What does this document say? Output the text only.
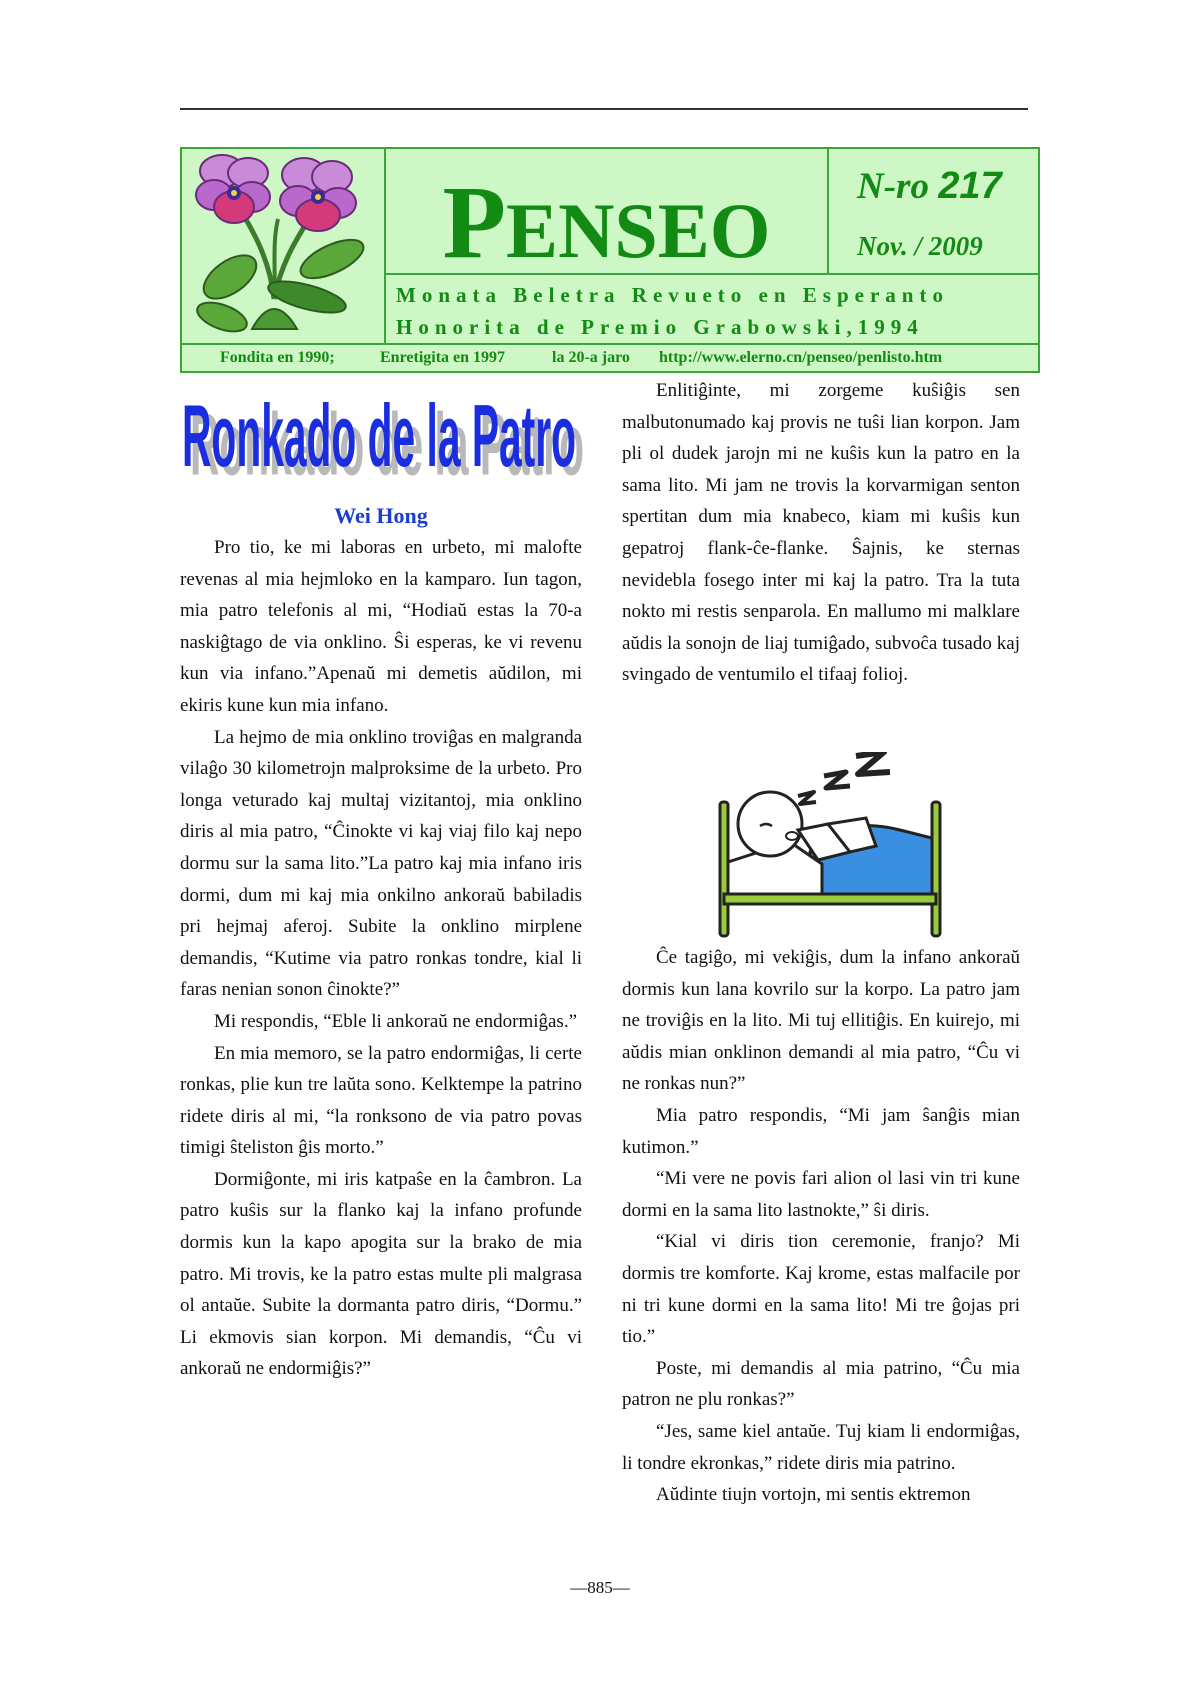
PENSEO
N-ro 217
Nov. / 2009
Monata Beletra Revueto en Esperanto
Honorita de Premio Grabowski,1994
Fondita en 1990;	Enretigita en 1997	la 20-a jaro http://www.elerno.cn/penseo/penlisto.htm
Ronkado de la Patro
Ronkado de la Patro
Wei Hong

Pro tio, ke mi laboras en urbeto, mi malofte revenas al mia hejmloko en la kamparo. Iun tagon, mia patro telefonis al mi, “Hodiaŭ estas la 70-a naskiĝtago de via onklino. Ŝi esperas, ke vi revenu kun via infano.”Apenaŭ mi demetis aŭdilon, mi ekiris kune kun mia infano.

La hejmo de mia onklino troviĝas en malgranda vilaĝo 30 kilometrojn malproksime de la urbeto. Pro longa veturado kaj multaj vizitantoj, mia onklino diris al mia patro, “Ĉinokte vi kaj viaj filo kaj nepo dormu sur la sama lito.”La patro kaj mia infano iris dormi, dum mi kaj mia onkilno ankoraŭ babiladis pri hejmaj aferoj. Subite la onklino mirplene demandis, “Kutime via patro ronkas tondre, kial li faras nenian sonon ĉinokte?”

Mi respondis, “Eble li ankoraŭ ne endormiĝas.”

En mia memoro, se la patro endormiĝas, li certe ronkas, plie kun tre laŭta sono. Kelktempe la patrino ridete diris al mi, “la ronksono de via patro povas timigi ŝteliston ĝis morto.”

Dormiĝonte, mi iris katpaŝe en la ĉambron. La patro kuŝis sur la flanko kaj la infano profunde dormis kun la kapo apogita sur la brako de mia patro. Mi trovis, ke la patro estas multe pli malgrasa ol antaŭe. Subite la dormanta patro diris, “Dormu.” Li ekmovis sian korpon. Mi demandis, “Ĉu vi ankoraŭ ne endormiĝis?”

Enlitiĝinte, mi zorgeme kuŝiĝis sen malbutonumado kaj provis ne tuŝi lian korpon. Jam pli ol dudek jarojn mi ne kuŝis kun la patro en la sama lito. Mi jam ne trovis la korvarmigan senton spertitan dum mia knabeco, kiam mi kuŝis kun gepatroj flank-ĉe-flanke. Ŝajnis, ke sternas nevidebla fosego inter mi kaj la patro. Tra la tuta nokto mi restis senparola. En mallumo mi malklare aŭdis la sonojn de liaj tumiĝado, subvoĉa tusado kaj svingado de ventumilo el tifaaj folioj.

Ĉe tagiĝo, mi vekiĝis, dum la infano ankoraŭ dormis kun lana kovrilo sur la korpo. La patro jam ne troviĝis en la lito. Mi tuj ellitiĝis. En kuirejo, mi aŭdis mian onklinon demandi al mia patro, “Ĉu vi ne ronkas nun?”

Mia patro respondis, “Mi jam ŝanĝis mian kutimon.”

“Mi vere ne povis fari alion ol lasi vin tri kune dormi en la sama lito lastnokte,” ŝi diris.

“Kial vi diris tion ceremonie, franjo? Mi dormis tre komforte. Kaj krome, estas malfacile por ni tri kune dormi en la sama lito! Mi tre ĝojas pri tio.”

Poste, mi demandis al mia patrino, “Ĉu mia patron ne plu ronkas?”

“Jes, same kiel antaŭe. Tuj kiam li endormiĝas, li tondre ekronkas,” ridete diris mia patrino.

Aŭdinte tiujn vortojn, mi sentis ektremon

—885—
